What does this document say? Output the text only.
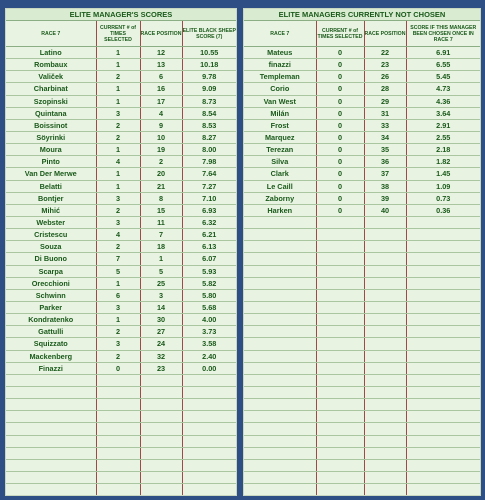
ELITE MANAGER'S SCORES			
RACE 7	CURRENT # of TIMES SELECTED	RACE POSITION	ELITE BLACK SHEEP SCORE (7)
Latino	1	12	10.55
Rombaux	1	13	10.18
Valiček	2	6	9.78
Charbinat	1	16	9.09
Szopinski	1	17	8.73
Quintana	3	4	8.54
Boissinot	2	9	8.53
Söyrinki	2	10	8.27
Moura	1	19	8.00
Pinto	4	2	7.98
Van Der Merwe	1	20	7.64
Belatti	1	21	7.27
Bontjer	3	8	7.10
Mihić	2	15	6.93
Webster	3	11	6.32
Cristescu	4	7	6.21
Souza	2	18	6.13
Di Buono	7	1	6.07
Scarpa	5	5	5.93
Orecchioni	1	25	5.82
Schwinn	6	3	5.80
Parker	3	14	5.68
Kondratenko	1	30	4.00
Gattulli	2	27	3.73
Squizzato	3	24	3.58
Mackenberg	2	32	2.40
Finazzi	0	23	0.00

ELITE MANAGERS CURRENTLY NOT CHOSEN			
RACE 7	CURRENT # of TIMES SELECTED	RACE POSITION	SCORE IF THIS MANAGER BEEN CHOSEN ONCE IN RACE 7
Mateus	0	22	6.91
finazzi	0	23	6.55
Templeman	0	26	5.45
Corio	0	28	4.73
Van West	0	29	4.36
Milán	0	31	3.64
Frost	0	33	2.91
Marquez	0	34	2.55
Terezan	0	35	2.18
Silva	0	36	1.82
Clark	0	37	1.45
Le Caill	0	38	1.09
Zaborny	0	39	0.73
Harken	0	40	0.36
